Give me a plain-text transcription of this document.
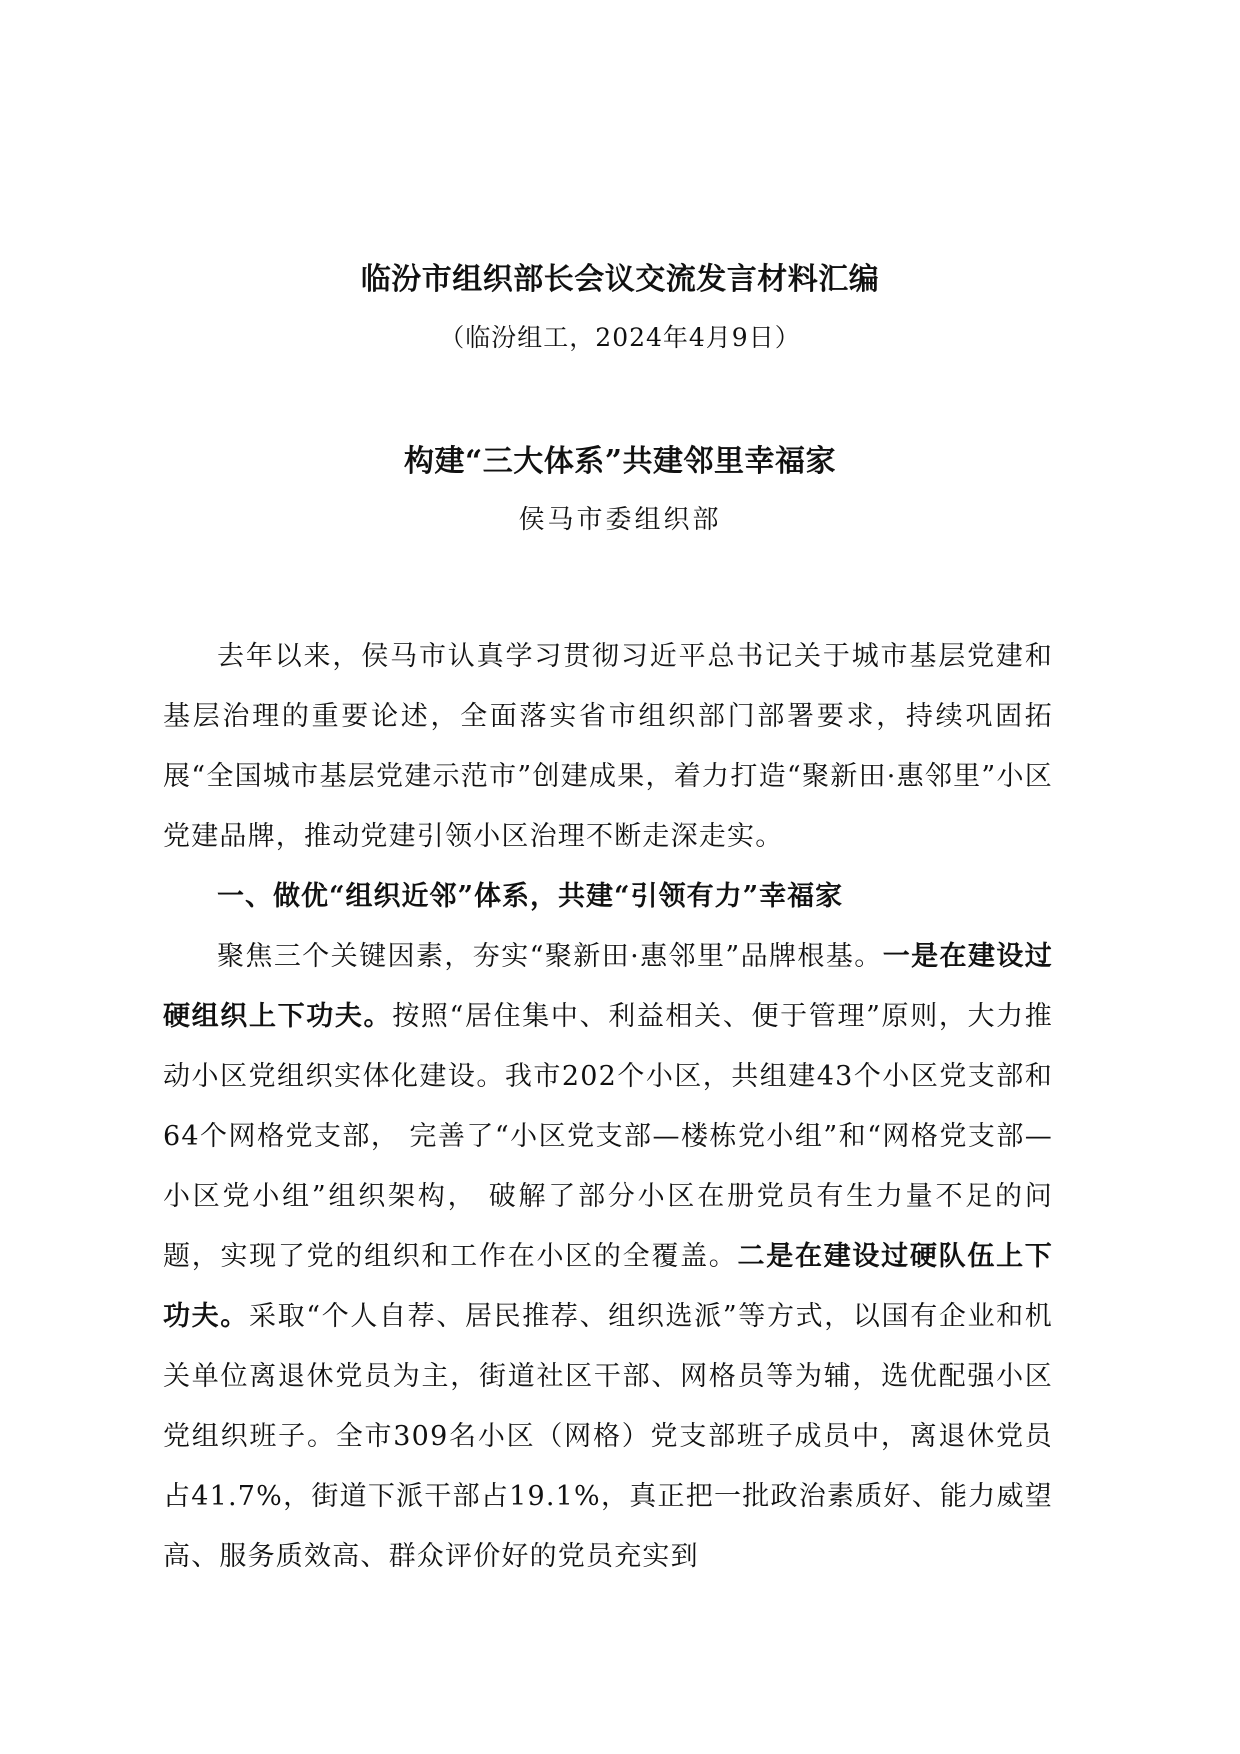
临汾市组织部长会议交流发言材料汇编
（临汾组工，2024年4月9日）
构建“三大体系”共建邻里幸福家
侯马市委组织部

去年以来，侯马市认真学习贯彻习近平总书记关于城市基层党建和基层治理的重要论述，全面落实省市组织部门部署要求，持续巩固拓展“全国城市基层党建示范市”创建成果，着力打造“聚新田·惠邻里”小区党建品牌，推动党建引领小区治理不断走深走实。

一、做优“组织近邻”体系，共建“引领有力”幸福家

聚焦三个关键因素，夯实“聚新田·惠邻里”品牌根基。一是在建设过硬组织上下功夫。按照“居住集中、利益相关、便于管理”原则，大力推动小区党组织实体化建设。我市202个小区，共组建43个小区党支部和64个网格党支部， 完善了“小区党支部—楼栋党小组”和“网格党支部—小区党小组”组织架构， 破解了部分小区在册党员有生力量不足的问题，实现了党的组织和工作在小区的全覆盖。二是在建设过硬队伍上下功夫。采取“个人自荐、居民推荐、组织选派”等方式，以国有企业和机关单位离退休党员为主，街道社区干部、网格员等为辅，选优配强小区党组织班子。全市309名小区（网格）党支部班子成员中，离退休党员占41.7%，街道下派干部占19.1%，真正把一批政治素质好、能力威望高、服务质效高、群众评价好的党员充实到
